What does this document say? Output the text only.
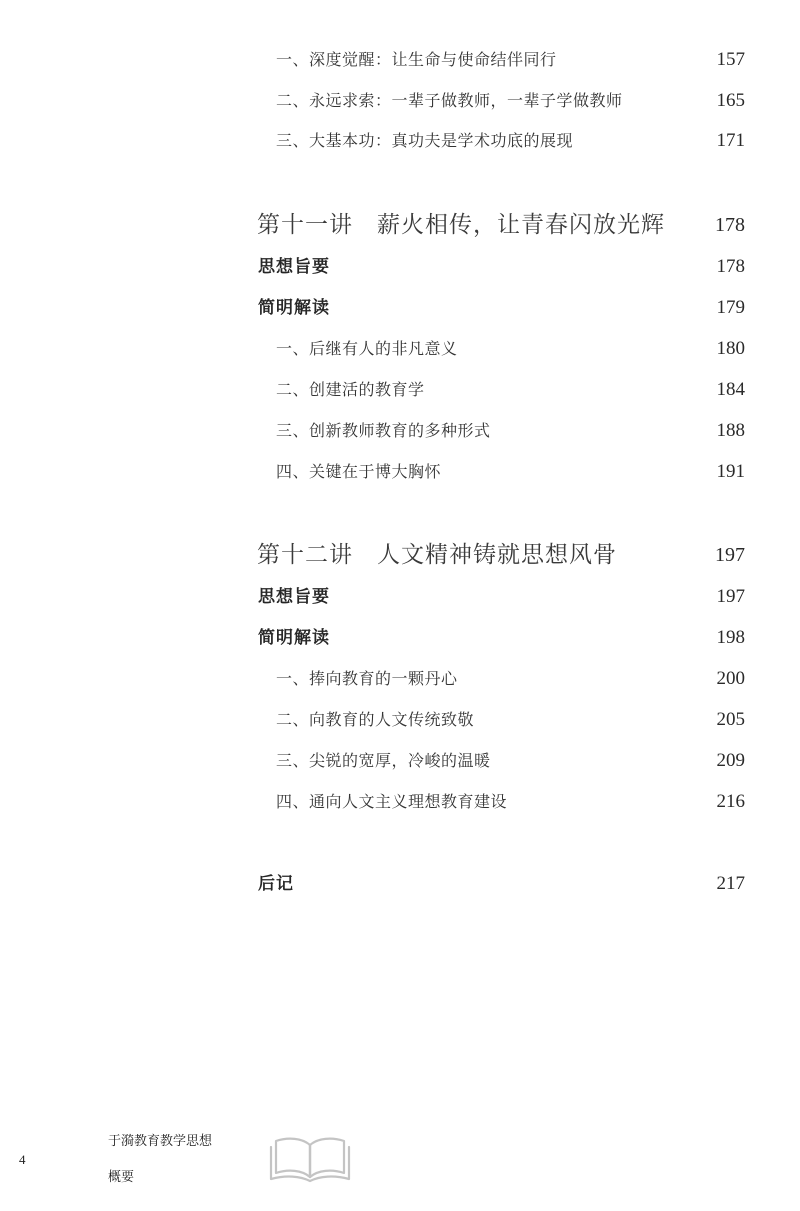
一、深度觉醒：让生命与使命结伴同行	157
二、永远求索：一辈子做教师，一辈子学做教师	165
三、大基本功：真功夫是学术功底的展现	171
第十一讲　薪火相传，让青春闪放光辉	178
思想旨要	178
简明解读	179
一、后继有人的非凡意义	180
二、创建活的教育学	184
三、创新教师教育的多种形式	188
四、关键在于博大胸怀	191
第十二讲　人文精神铸就思想风骨	197
思想旨要	197
简明解读	198
一、捧向教育的一颗丹心	200
二、向教育的人文传统致敬	205
三、尖锐的宽厚，冷峻的温暖	209
四、通向人文主义理想教育建设	216
后记	217
4
于漪教育教学思想
概要
